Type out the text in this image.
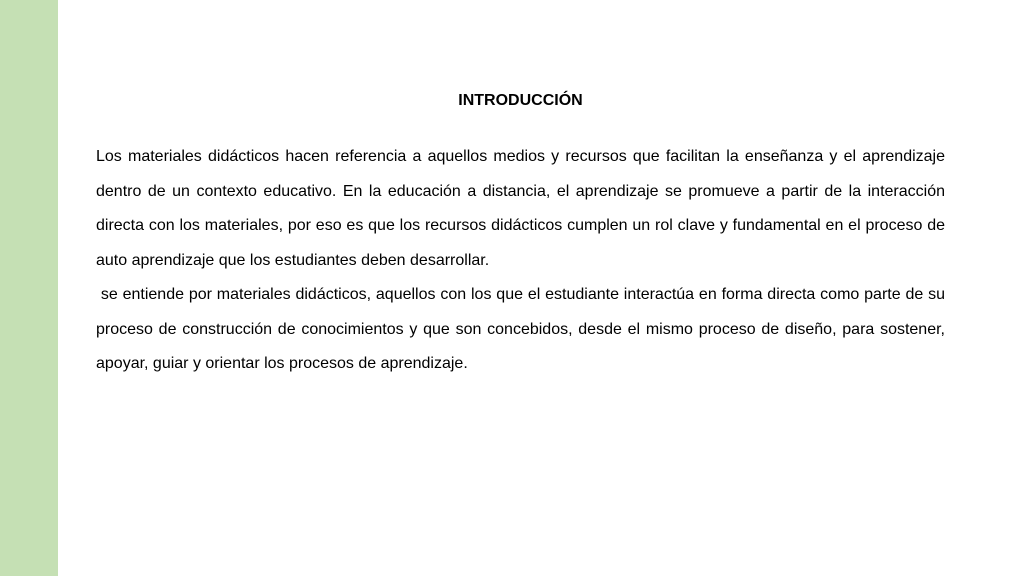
INTRODUCCIÓN

Los materiales didácticos hacen referencia a aquellos medios y recursos que facilitan la enseñanza y el aprendizaje dentro de un contexto educativo. En la educación a distancia, el aprendizaje se promueve a partir de la interacción directa con los materiales, por eso es que los recursos didácticos cumplen un rol clave y fundamental en el proceso de auto aprendizaje que los estudiantes deben desarrollar.

se entiende por materiales didácticos, aquellos con los que el estudiante interactúa en forma directa como parte de su proceso de construcción de conocimientos y que son concebidos, desde el mismo proceso de diseño, para sostener, apoyar, guiar y orientar los procesos de aprendizaje.
